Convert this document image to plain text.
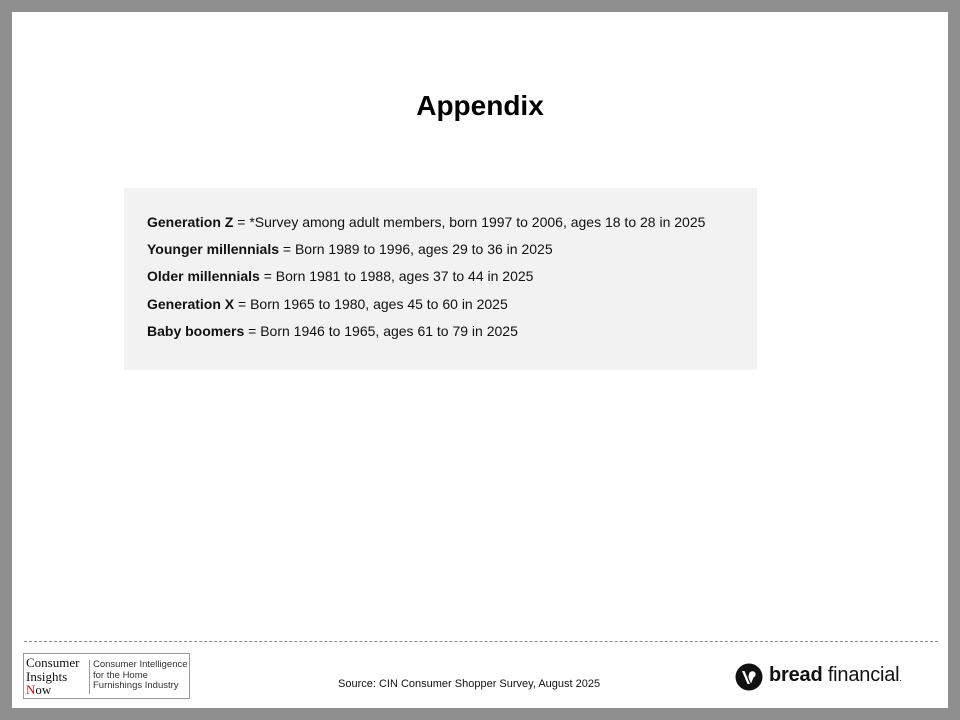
Appendix
Generation Z = *Survey among adult members, born 1997 to 2006, ages 18 to 28 in 2025
Younger millennials = Born 1989 to 1996, ages 29 to 36 in 2025
Older millennials = Born 1981 to 1988, ages 37 to 44 in 2025
Generation X = Born 1965 to 1980, ages 45 to 60 in 2025
Baby boomers = Born 1946 to 1965, ages 61 to 79 in 2025
Consumer
Insights
Now
Consumer Intelligence
for the Home
Furnishings Industry	Source: CIN Consumer Shopper Survey, August 2025	bread financial.
